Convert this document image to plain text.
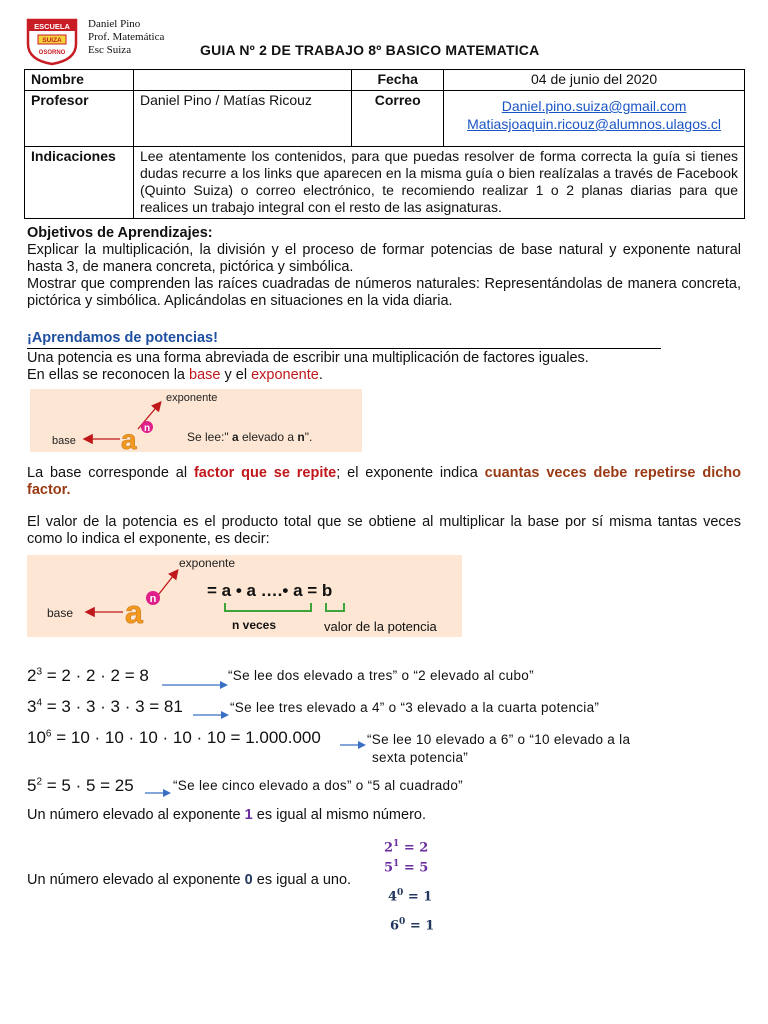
ESCUELA
SUIZA
OSORNO
Daniel Pino
Prof. Matemática
Esc Suiza	GUIA Nº 2 DE TRABAJO 8º BASICO MATEMATICA
Nombre		Fecha	04 de junio del 2020
Profesor	Daniel Pino / Matías Ricouz	Correo	Daniel.pino.suiza@gmail.com
Matiasjoaquin.ricouz@alumnos.ulagos.cl

Indicaciones	Lee atentamente los contenidos, para que puedas resolver de forma correcta la guía si tienes dudas recurre a los links que aparecen en la misma guía o bien realízalas a través de Facebook (Quinto Suiza) o correo electrónico, te recomiendo realizar 1 o 2 planas diarias para que realices un trabajo integral con el resto de las asignaturas.		
Objetivos de Aprendizajes:
Explicar la multiplicación, la división y el proceso de formar potencias de base natural y exponente natural hasta 3, de manera concreta, pictórica y simbólica.
Mostrar que comprenden las raíces cuadradas de números naturales: Representándolas de manera concreta, pictórica y simbólica. Aplicándolas en situaciones en la vida diaria.
¡Aprendamos de potencias!
Una potencia es una forma abreviada de escribir una multiplicación de factores iguales.
En ellas se reconocen la base y el exponente.
exponente
base a n
Se lee:" a elevado a n".
La base corresponde al factor que se repite; el exponente indica cuantas veces debe repetirse dicho factor.
El valor de la potencia es el producto total que se obtiene al multiplicar la base por sí misma tantas veces como lo indica el exponente, es decir:
exponente
base a n	= a • a ….• a = b
n veces	valor de la potencia
$2^3 = 2 \cdot 2 \cdot 2 = 8$	“Se lee dos elevado a tres” o “2 elevado al cubo”
$3^4 = 3 \cdot 3 \cdot 3 \cdot 3 = 81$	“Se lee tres elevado a 4” o “3 elevado a la cuarta potencia”
$10^6 = 10 \cdot 10 \cdot 10 \cdot 10 \cdot 10 = 1.000.000$	“Se lee 10 elevado a 6” o “10 elevado a la
sexta potencia”
$5^2 = 5 \cdot 5 = 25$	“Se lee cinco elevado a dos” o “5 al cuadrado”
Un número elevado al exponente 1 es igual al mismo número.
$2^1 = 2$
$5^1 = 5$
Un número elevado al exponente 0 es igual a uno.
$4^0 = 1$
$6^0 = 1$
